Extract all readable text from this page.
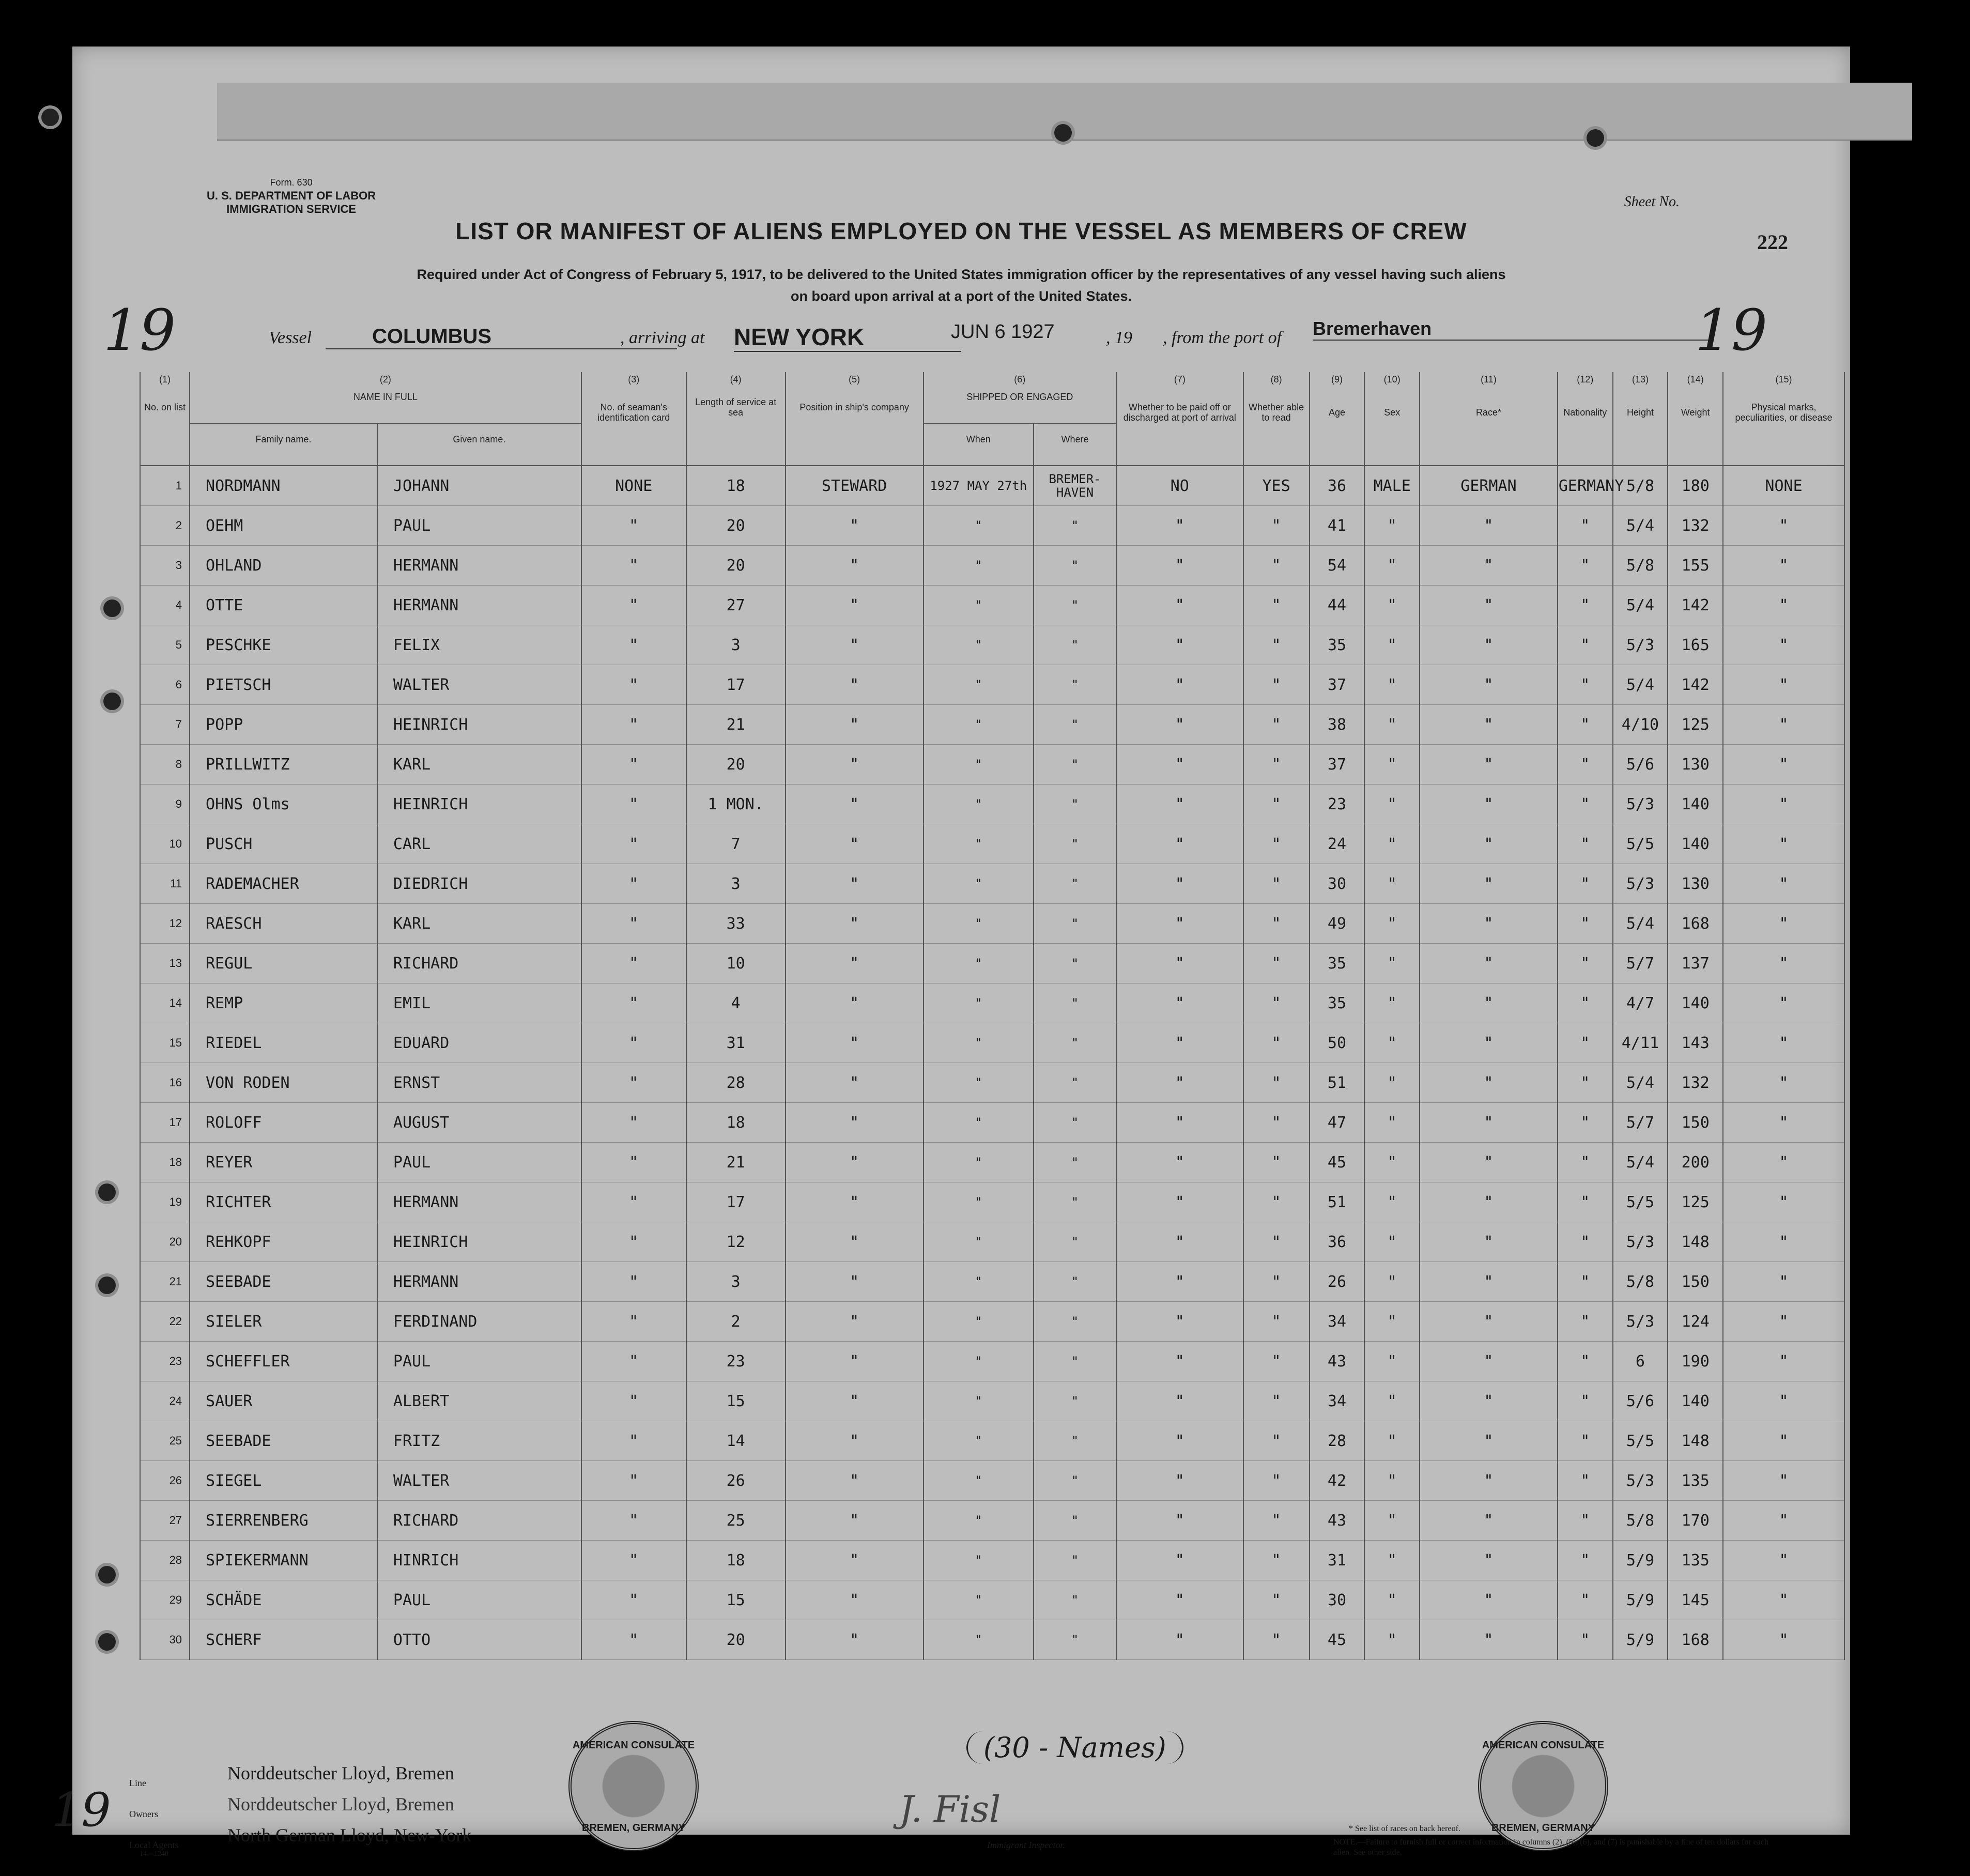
Form. 630
U. S. DEPARTMENT OF LABOR
IMMIGRATION SERVICE	Sheet No.
222
LIST OR MANIFEST OF ALIENS EMPLOYED ON THE VESSEL AS MEMBERS OF CREW
Required under Act of Congress of February 5, 1917, to be delivered to the United States immigration officer by the representatives of any vessel having such aliens
on board upon arrival at a port of the United States.
19	Vessel	COLUMBUS	, arriving at NEW YORK	JUN 6 1927	, 19 , from the port of Bremerhaven	19
(1)	(2)		(3)	(4)	(5)	(6)		(7)	(8)	(9)	(10)	(11)	(12)	(13)	(14)	(15)
No. on list	NAME IN FULL		No. of seaman's identification card	Length of service at sea	Position in ship's company	SHIPPED OR ENGAGED		Whether to be paid off or discharged at port of arrival	Whether able to read	Age	Sex	Race*	Nationality	Height	Weight	Physical marks, peculiarities, or disease
	Family name.	Given name.				When	Where									
1	NORDMANN	JOHANN	NONE	18	STEWARD	1927 MAY 27th	BREMER-HAVEN	NO	YES	36	MALE	GERMAN	GERMANY	5/8	180	NONE
2	OEHM	PAUL	"	20	"	"	"	"	"	41	"	"	"	5/4	132	"
3	OHLAND	HERMANN	"	20	"	"	"	"	"	54	"	"	"	5/8	155	"
4	OTTE	HERMANN	"	27	"	"	"	"	"	44	"	"	"	5/4	142	"
5	PESCHKE	FELIX	"	3	"	"	"	"	"	35	"	"	"	5/3	165	"
6	PIETSCH	WALTER	"	17	"	"	"	"	"	37	"	"	"	5/4	142	"
7	POPP	HEINRICH	"	21	"	"	"	"	"	38	"	"	"	4/10	125	"
8	PRILLWITZ	KARL	"	20	"	"	"	"	"	37	"	"	"	5/6	130	"
9	OHNS Olms	HEINRICH	"	1 MON.	"	"	"	"	"	23	"	"	"	5/3	140	"
10	PUSCH	CARL	"	7	"	"	"	"	"	24	"	"	"	5/5	140	"
11	RADEMACHER	DIEDRICH	"	3	"	"	"	"	"	30	"	"	"	5/3	130	"
12	RAESCH	KARL	"	33	"	"	"	"	"	49	"	"	"	5/4	168	"
13	REGUL	RICHARD	"	10	"	"	"	"	"	35	"	"	"	5/7	137	"
14	REMP	EMIL	"	4	"	"	"	"	"	35	"	"	"	4/7	140	"
15	RIEDEL	EDUARD	"	31	"	"	"	"	"	50	"	"	"	4/11	143	"
16	VON RODEN	ERNST	"	28	"	"	"	"	"	51	"	"	"	5/4	132	"
17	ROLOFF	AUGUST	"	18	"	"	"	"	"	47	"	"	"	5/7	150	"
18	REYER	PAUL	"	21	"	"	"	"	"	45	"	"	"	5/4	200	"
19	RICHTER	HERMANN	"	17	"	"	"	"	"	51	"	"	"	5/5	125	"
20	REHKOPF	HEINRICH	"	12	"	"	"	"	"	36	"	"	"	5/3	148	"
21	SEEBADE	HERMANN	"	3	"	"	"	"	"	26	"	"	"	5/8	150	"
22	SIELER	FERDINAND	"	2	"	"	"	"	"	34	"	"	"	5/3	124	"
23	SCHEFFLER	PAUL	"	23	"	"	"	"	"	43	"	"	"	6	190	"
24	SAUER	ALBERT	"	15	"	"	"	"	"	34	"	"	"	5/6	140	"
25	SEEBADE	FRITZ	"	14	"	"	"	"	"	28	"	"	"	5/5	148	"
26	SIEGEL	WALTER	"	26	"	"	"	"	"	42	"	"	"	5/3	135	"
27	SIERRENBERG	RICHARD	"	25	"	"	"	"	"	43	"	"	"	5/8	170	"
28	SPIEKERMANN	HINRICH	"	18	"	"	"	"	"	31	"	"	"	5/9	135	"
29	SCHÄDE	PAUL	"	15	"	"	"	"	"	30	"	"	"	5/9	145	"
30	SCHERF	OTTO	"	20	"	"	"	"	"	45	"	"	"	5/9	168	"
19 Line	Norddeutscher Lloyd, Bremen
Owners	Norddeutscher Lloyd, Bremen
Local Agents	North German Lloyd, New-York
14—1240
AMERICAN CONSULATE
BREMEN, GERMANY
(30 - Names)
J. Fisl
Immigrant Inspector.
AMERICAN CONSULATE
BREMEN, GERMANY
* See list of races on back hereof.
NOTE.—Failure to furnish full or correct information in columns (2), (5), (6), and (7) is punishable by a fine of ten dollars for each alien. See other side.
